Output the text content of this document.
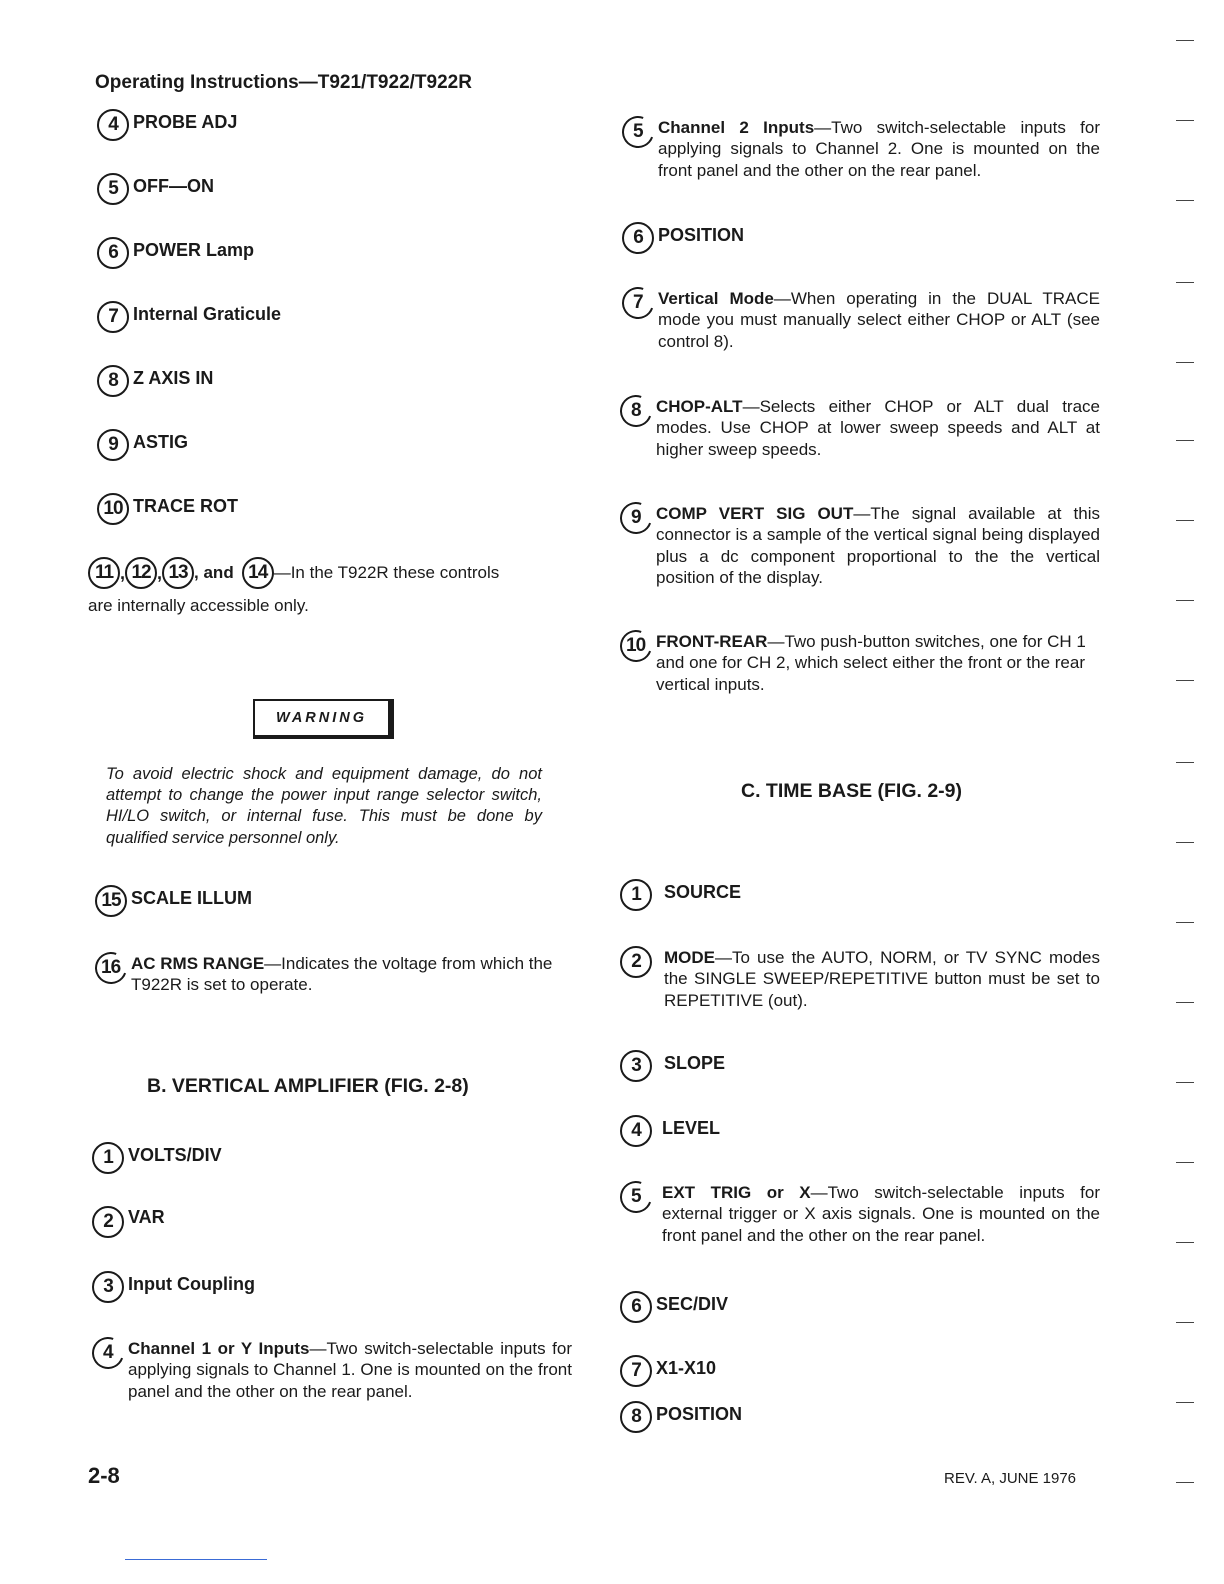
Operating Instructions—T921/T922/T922R
4 PROBE ADJ
5 OFF—ON
6 POWER Lamp
7 Internal Graticule
8 Z AXIS IN
9 ASTIG
10 TRACE ROT
11 , 12 , 13 , and 14 —In the T922R these controls
are internally accessible only.
WARNING
To avoid electric shock and equipment damage, do not attempt to change the power input range selector switch, HI/LO switch, or internal fuse. This must be done by qualified service personnel only.
15 SCALE ILLUM
16 AC RMS RANGE—Indicates the voltage from which the T922R is set to operate.
B. VERTICAL AMPLIFIER (FIG. 2-8)
1 VOLTS/DIV
2 VAR
3 Input Coupling
4 Channel 1 or Y Inputs—Two switch-selectable inputs for applying signals to Channel 1. One is mounted on the front panel and the other on the rear panel.
5 Channel 2 Inputs—Two switch-selectable inputs for applying signals to Channel 2. One is mounted on the front panel and the other on the rear panel.
6 POSITION
7 Vertical Mode—When operating in the DUAL TRACE mode you must manually select either CHOP or ALT (see control 8).
8 CHOP-ALT—Selects either CHOP or ALT dual trace modes. Use CHOP at lower sweep speeds and ALT at higher sweep speeds.
9 COMP VERT SIG OUT—The signal available at this connector is a sample of the vertical signal being displayed plus a dc component proportional to the the vertical position of the display.
10 FRONT-REAR—Two push-button switches, one for CH 1 and one for CH 2, which select either the front or the rear vertical inputs.
C. TIME BASE (FIG. 2-9)
1	SOURCE
2	MODE—To use the AUTO, NORM, or TV SYNC modes the SINGLE SWEEP/REPETITIVE button must be set to REPETITIVE (out).
3	SLOPE
4	LEVEL
5 EXT TRIG or X—Two switch-selectable inputs for external trigger or X axis signals. One is mounted on the front panel and the other on the rear panel.
6 SEC/DIV
7 X1-X10
8 POSITION
2-8	REV. A, JUNE 1976
